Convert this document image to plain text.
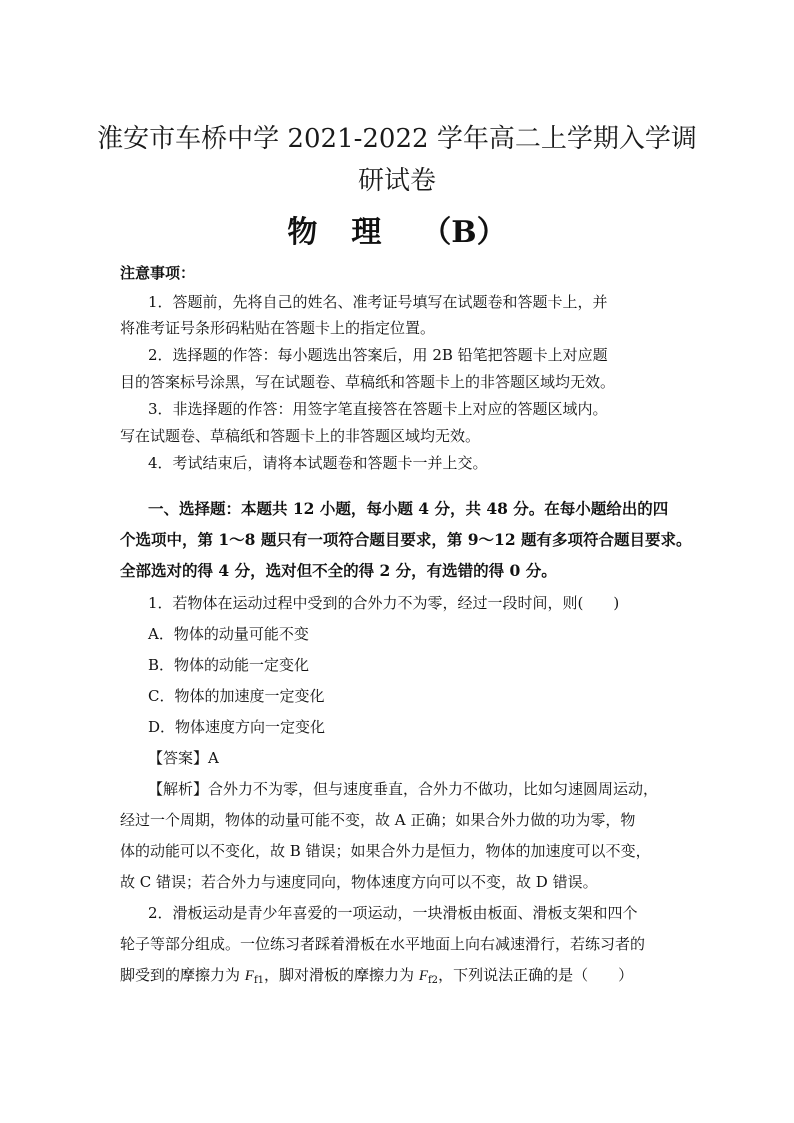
淮安市车桥中学 2021-2022 学年高二上学期入学调
研试卷
物 理 （B）
注意事项：
1．答题前，先将自己的姓名、准考证号填写在试题卷和答题卡上，并
将准考证号条形码粘贴在答题卡上的指定位置。
2．选择题的作答：每小题选出答案后，用 2B 铅笔把答题卡上对应题
目的答案标号涂黑，写在试题卷、草稿纸和答题卡上的非答题区域均无效。
3．非选择题的作答：用签字笔直接答在答题卡上对应的答题区域内。
写在试题卷、草稿纸和答题卡上的非答题区域均无效。
4．考试结束后，请将本试题卷和答题卡一并上交。
一、选择题：本题共 12 小题，每小题 4 分，共 48 分。在每小题给出的四
个选项中，第 1～8 题只有一项符合题目要求，第 9～12 题有多项符合题目要求。
全部选对的得 4 分，选对但不全的得 2 分，有选错的得 0 分。
1．若物体在运动过程中受到的合外力不为零，经过一段时间，则(　　)
A．物体的动量可能不变
B．物体的动能一定变化
C．物体的加速度一定变化
D．物体速度方向一定变化
【答案】A
【解析】合外力不为零，但与速度垂直，合外力不做功，比如匀速圆周运动，
经过一个周期，物体的动量可能不变，故 A 正确；如果合外力做的功为零，物
体的动能可以不变化，故 B 错误；如果合外力是恒力，物体的加速度可以不变，
故 C 错误；若合外力与速度同向，物体速度方向可以不变，故 D 错误。
2．滑板运动是青少年喜爱的一项运动，一块滑板由板面、滑板支架和四个
轮子等部分组成。一位练习者踩着滑板在水平地面上向右减速滑行，若练习者的
脚受到的摩擦力为 $F_{f1}$，脚对滑板的摩擦力为 $F_{f2}$，下列说法正确的是（　　）
